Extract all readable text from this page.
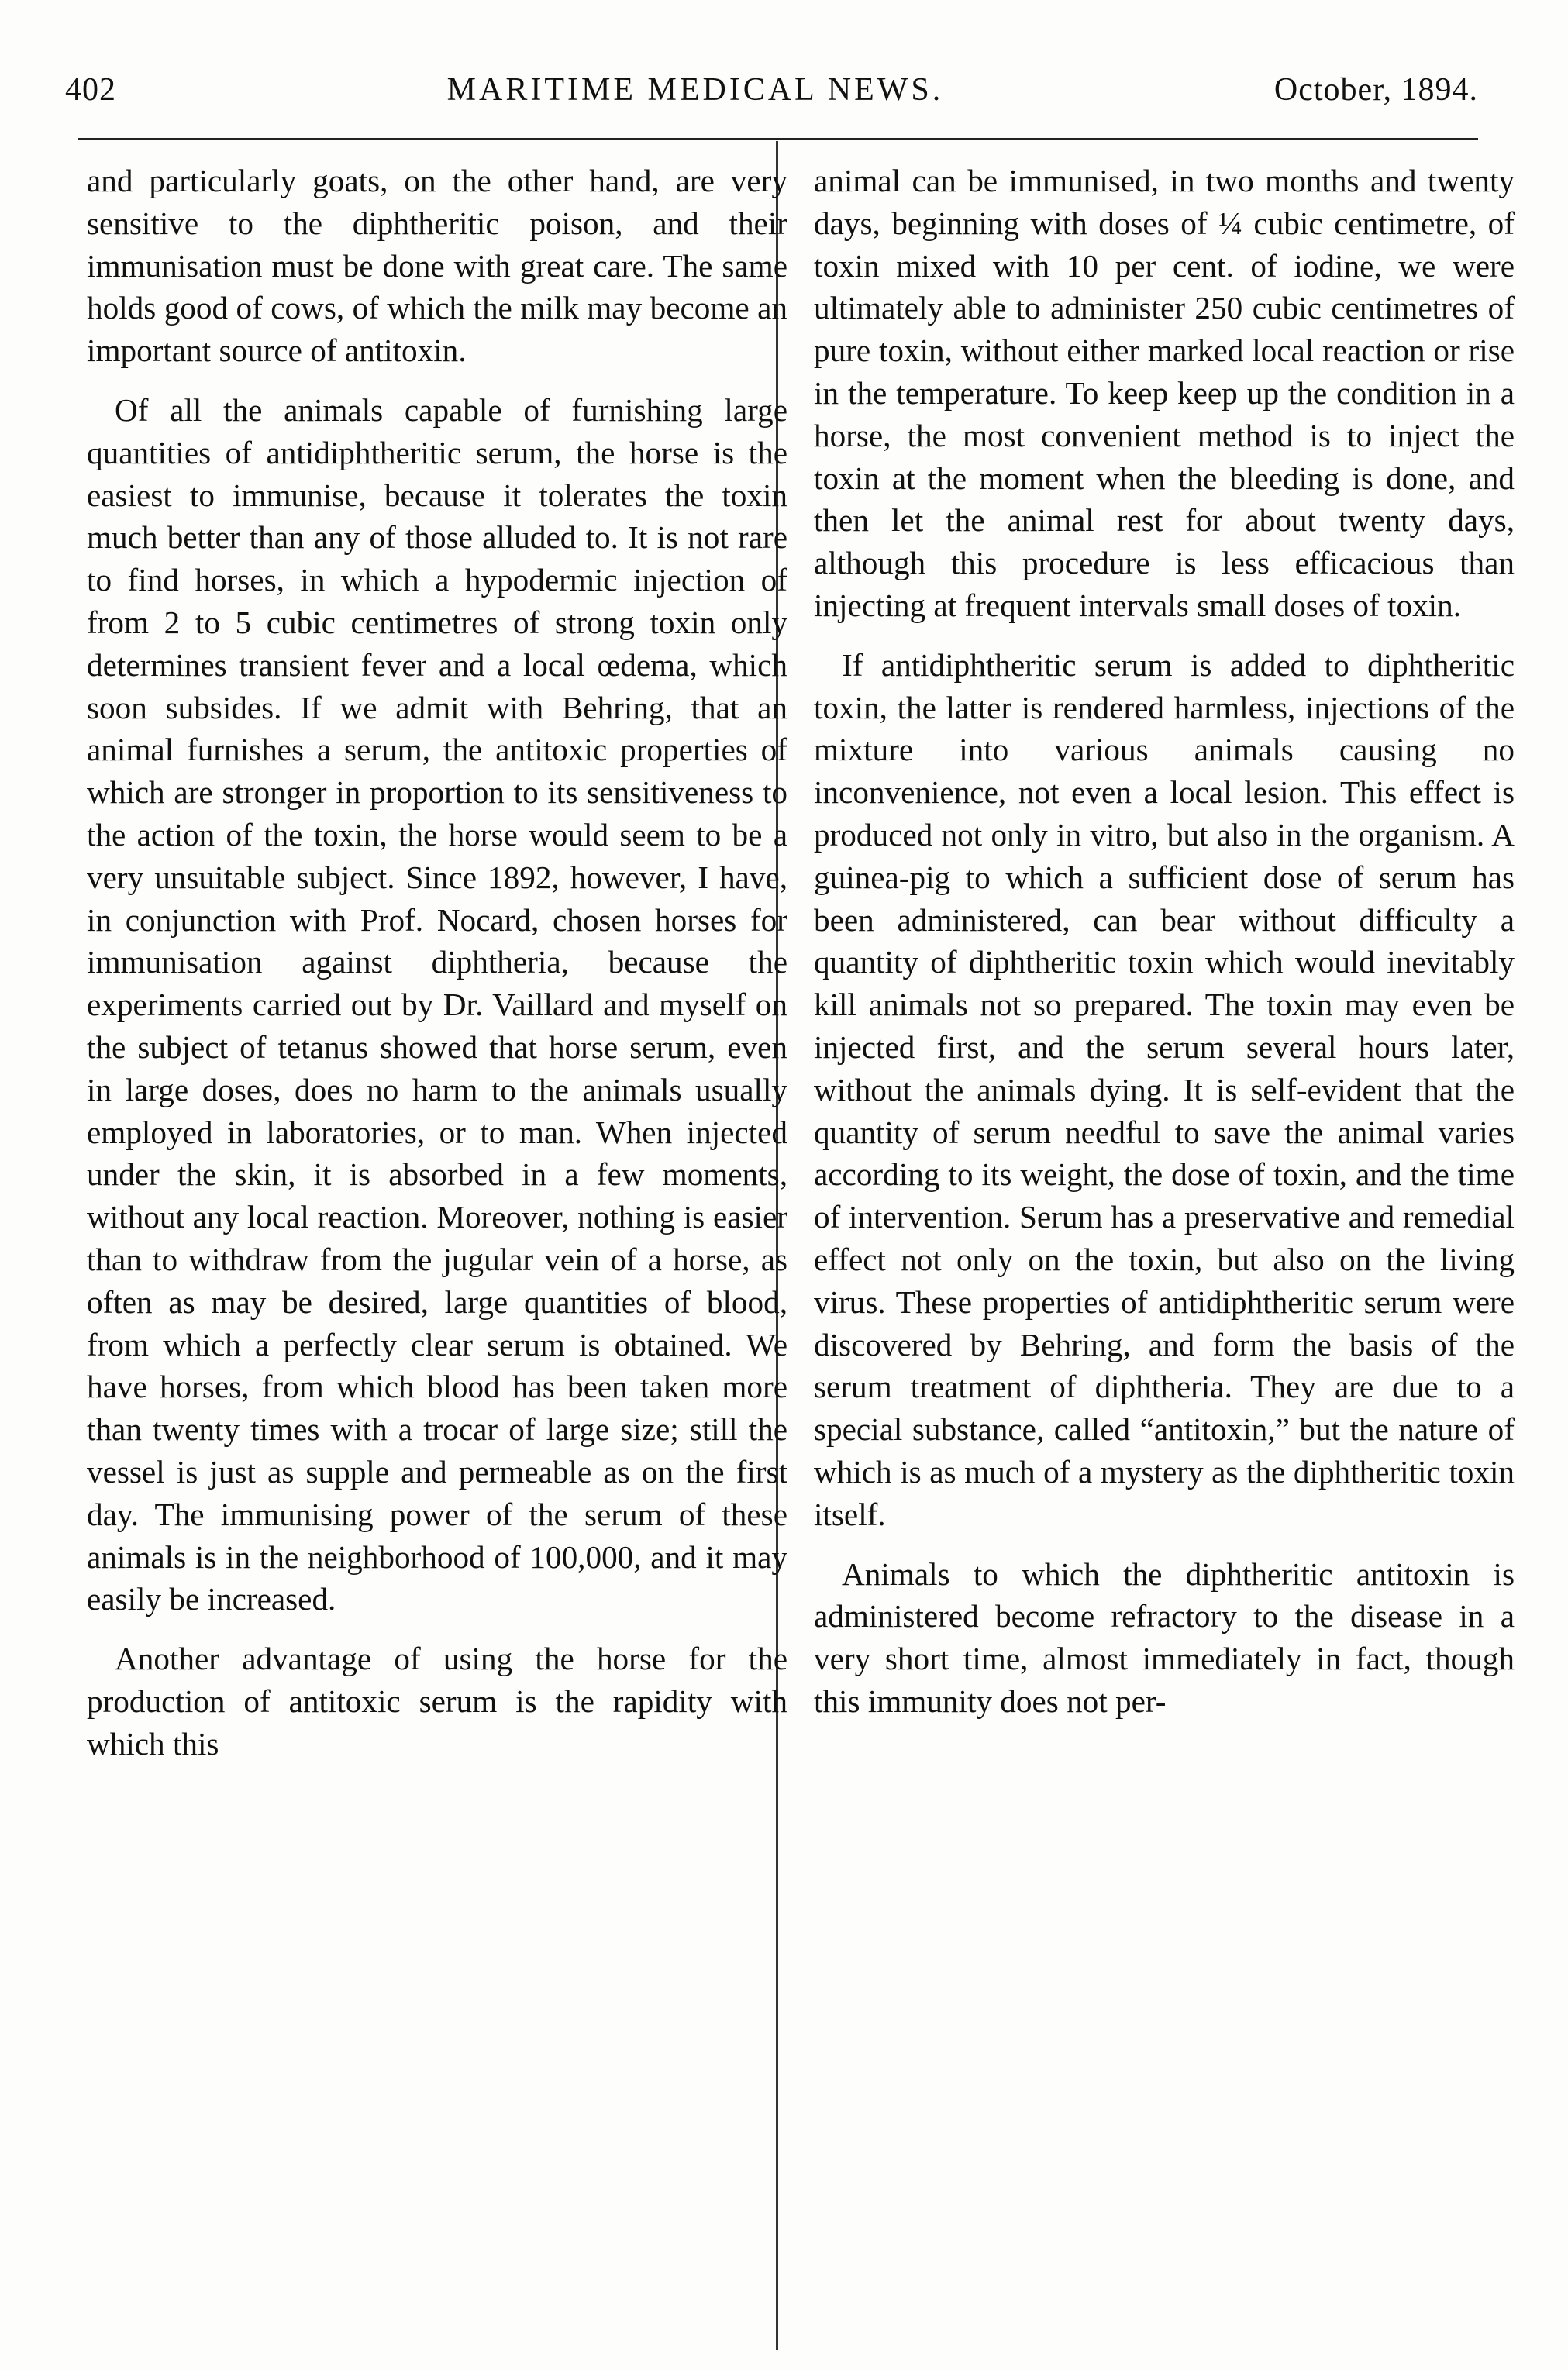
402	MARITIME MEDICAL NEWS.	October, 1894.

and particularly goats, on the other hand, are very sensitive to the diphtheritic poison, and their immunisation must be done with great care. The same holds good of cows, of which the milk may become an important source of antitoxin.

Of all the animals capable of furnishing large quantities of antidiphtheritic serum, the horse is the easiest to immunise, because it tolerates the toxin much better than any of those alluded to. It is not rare to find horses, in which a hypodermic injection of from 2 to 5 cubic centimetres of strong toxin only determines transient fever and a local œdema, which soon subsides. If we admit with Behring, that an animal furnishes a serum, the antitoxic properties of which are stronger in proportion to its sensitiveness to the action of the toxin, the horse would seem to be a very unsuitable subject. Since 1892, however, I have, in conjunction with Prof. Nocard, chosen horses for immunisation against diphtheria, because the experiments carried out by Dr. Vaillard and myself on the subject of tetanus showed that horse serum, even in large doses, does no harm to the animals usually employed in laboratories, or to man. When injected under the skin, it is absorbed in a few moments, without any local reaction. Moreover, nothing is easier than to withdraw from the jugular vein of a horse, as often as may be desired, large quantities of blood, from which a perfectly clear serum is obtained. We have horses, from which blood has been taken more than twenty times with a trocar of large size; still the vessel is just as supple and permeable as on the first day. The immunising power of the serum of these animals is in the neighborhood of 100,000, and it may easily be increased.

Another advantage of using the horse for the production of antitoxic serum is the rapidity with which this

animal can be immunised, in two months and twenty days, beginning with doses of ¼ cubic centimetre, of toxin mixed with 10 per cent. of iodine, we were ultimately able to administer 250 cubic centimetres of pure toxin, without either marked local reaction or rise in the temperature. To keep keep up the condition in a horse, the most convenient method is to inject the toxin at the moment when the bleeding is done, and then let the animal rest for about twenty days, although this procedure is less efficacious than injecting at frequent intervals small doses of toxin.

If antidiphtheritic serum is added to diphtheritic toxin, the latter is rendered harmless, injections of the mixture into various animals causing no inconvenience, not even a local lesion. This effect is produced not only in vitro, but also in the organism. A guinea-pig to which a sufficient dose of serum has been administered, can bear without difficulty a quantity of diphtheritic toxin which would inevitably kill animals not so prepared. The toxin may even be injected first, and the serum several hours later, without the animals dying. It is self-evident that the quantity of serum needful to save the animal varies according to its weight, the dose of toxin, and the time of intervention. Serum has a preservative and remedial effect not only on the toxin, but also on the living virus. These properties of antidiphtheritic serum were discovered by Behring, and form the basis of the serum treatment of diphtheria. They are due to a special substance, called “antitoxin,” but the nature of which is as much of a mystery as the diphtheritic toxin itself.

Animals to which the diphtheritic antitoxin is administered become refractory to the disease in a very short time, almost immediately in fact, though this immunity does not per-
